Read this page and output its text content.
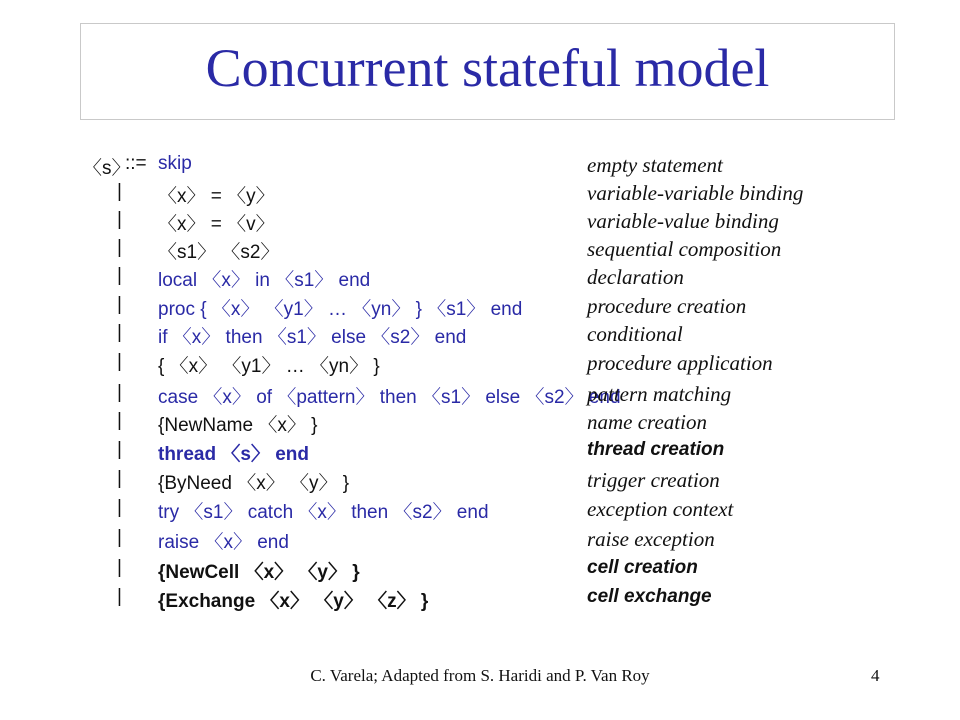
Concurrent stateful model
〈s〉
::= skip	empty statement
| 〈x〉 = 〈y〉	variable-variable binding
| 〈x〉 = 〈v〉	variable-value binding
| 〈s1〉 〈s2〉	sequential composition
| local 〈x〉 in 〈s1〉 end	declaration
| proc { 〈x〉 〈y1〉 … 〈yn〉 } 〈s1〉 end	procedure creation
| if 〈x〉 then 〈s1〉 else 〈s2〉 end	conditional
| { 〈x〉 〈y1〉 … 〈yn〉 }	procedure application
| case 〈x〉 of 〈pattern〉 then 〈s1〉 else 〈s2〉 end
pattern matching
| {NewName 〈x〉 }	name creation
| thread 〈s〉 end	thread creation
| {ByNeed 〈x〉 〈y〉 }	trigger creation
| try 〈s1〉 catch 〈x〉 then 〈s2〉 end	exception context
| raise 〈x〉 end	raise exception
| {NewCell 〈x〉 〈y〉 }	cell creation
| {Exchange 〈x〉 〈y〉 〈z〉 }	cell exchange
C. Varela; Adapted from S. Haridi and P. Van Roy	4
